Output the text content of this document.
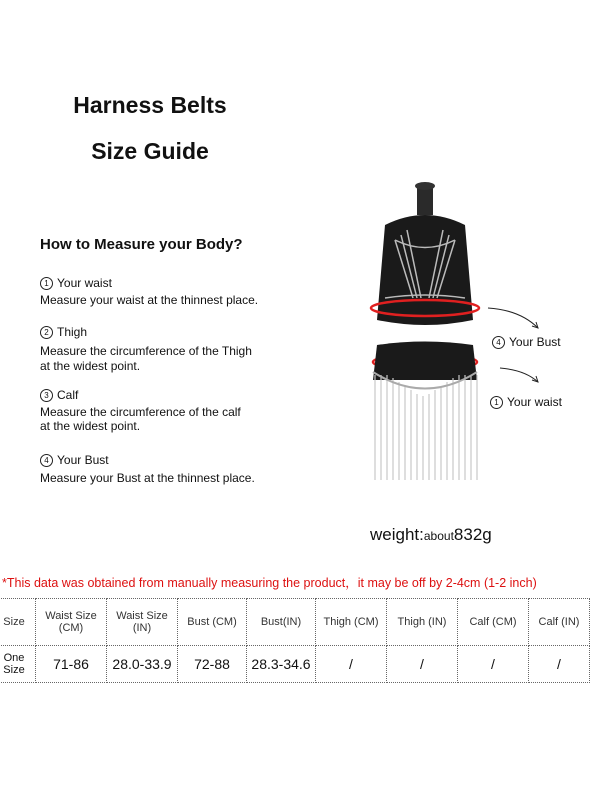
Harness Belts
Size Guide
How to Measure your Body?
1 Your waist
Measure your waist at the thinnest place.
2 Thigh
Measure the circumference of the Thigh
at the widest point.
3 Calf
Measure the circumference of the calf
at the widest point.
4 Your Bust
Measure your Bust at the thinnest place.
4 Your Bust
1 Your waist
weight:about832g
*This data was obtained from manually measuring the product，it may be off by 2-4cm (1-2 inch)
Size	Waist Size (CM)	Waist Size (IN)	Bust (CM)	Bust(IN)	Thigh (CM)	Thigh (IN)	Calf (CM)	Calf (IN)
One Size	71-86	28.0-33.9	72-88	28.3-34.6	/	/	/	/
